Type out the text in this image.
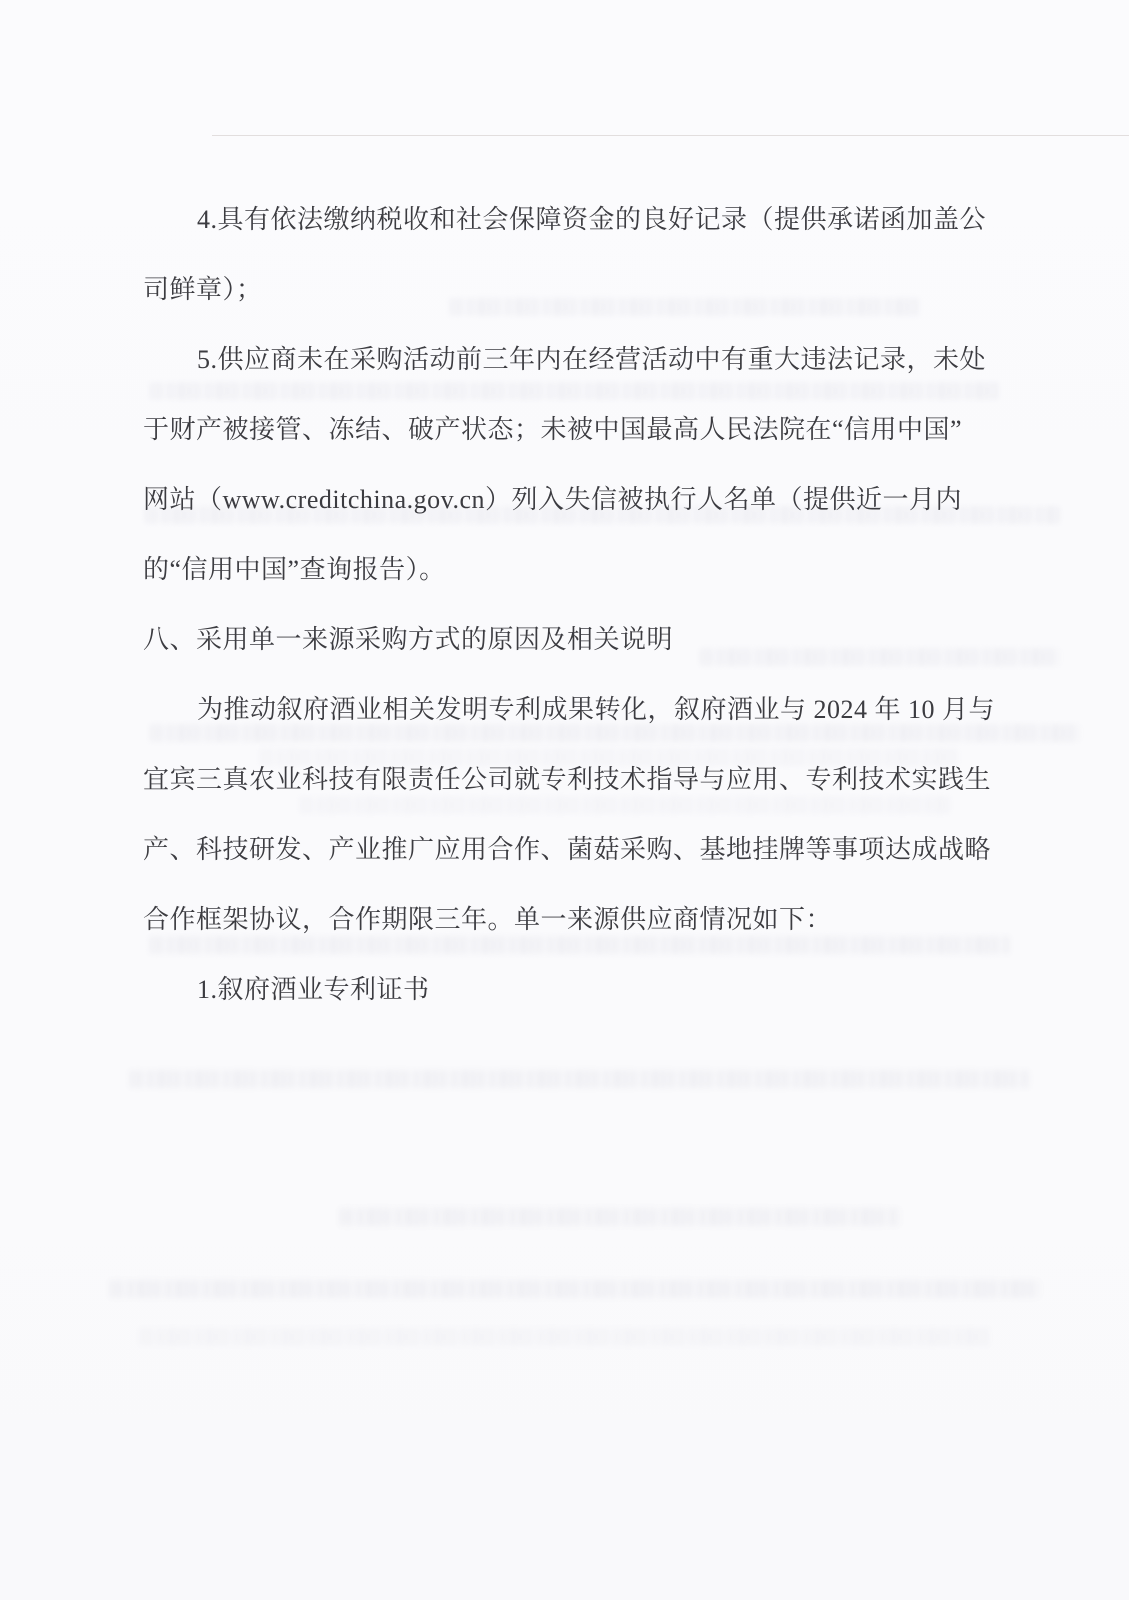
4.具有依法缴纳税收和社会保障资金的良好记录（提供承诺函加盖公

司鲜章）；

5.供应商未在采购活动前三年内在经营活动中有重大违法记录，未处

于财产被接管、冻结、破产状态；未被中国最高人民法院在“信用中国”

网站（www.creditchina.gov.cn）列入失信被执行人名单（提供近一月内

的“信用中国”查询报告）。

八、采用单一来源采购方式的原因及相关说明

为推动叙府酒业相关发明专利成果转化，叙府酒业与 2024 年 10 月与

宜宾三真农业科技有限责任公司就专利技术指导与应用、专利技术实践生

产、科技研发、产业推广应用合作、菌菇采购、基地挂牌等事项达成战略

合作框架协议，合作期限三年。单一来源供应商情况如下：

1.叙府酒业专利证书
